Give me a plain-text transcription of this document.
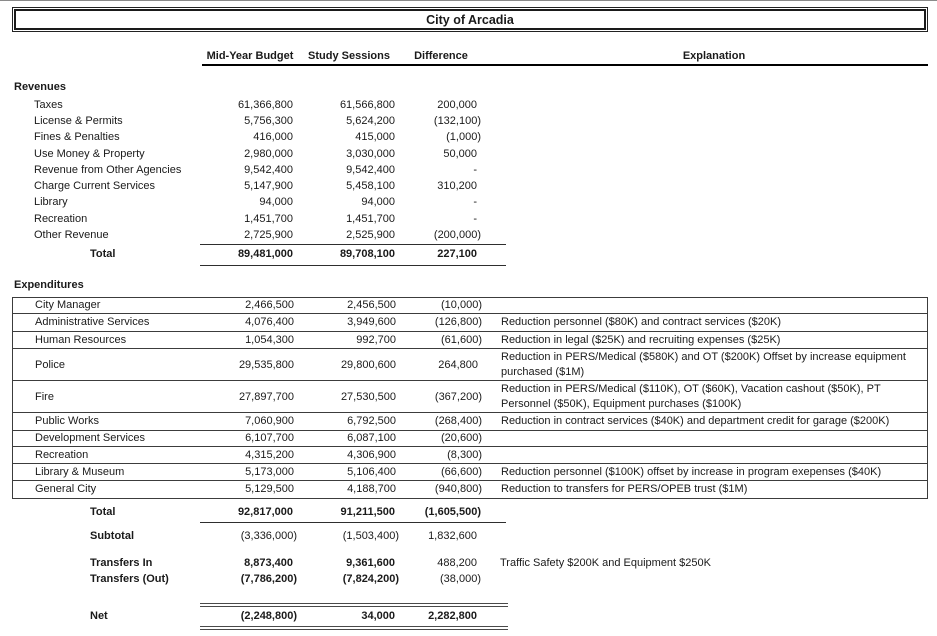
City of Arcadia
Mid-Year Budget	Study Sessions	Difference	Explanation
Revenues
Taxes	61,366,800	61,566,800	200,000
License & Permits	5,756,300	5,624,200	(132,100)
Fines & Penalties	416,000	415,000	(1,000)
Use Money & Property	2,980,000	3,030,000	50,000
Revenue from Other Agencies	9,542,400	9,542,400	-
Charge Current Services	5,147,900	5,458,100	310,200
Library	94,000	94,000	-
Recreation	1,451,700	1,451,700	-
Other Revenue	2,725,900	2,525,900	(200,000)
Total	89,481,000	89,708,100	227,100
Expenditures
City Manager	2,466,500	2,456,500	(10,000)
Administrative Services	4,076,400	3,949,600	(126,800) Reduction personnel ($80K) and contract services ($20K)
Human Resources	1,054,300	992,700	(61,600) Reduction in legal ($25K) and recruiting expenses ($25K)
Police	29,535,800	29,800,600	264,800
Reduction in PERS/Medical ($580K) and OT ($200K) Offset by increase equipment purchased ($1M)
Fire	27,897,700	27,530,500	(367,200)
Reduction in PERS/Medical ($110K), OT ($60K), Vacation cashout ($50K), PT Personnel ($50K), Equipment purchases ($100K)
Public Works	7,060,900	6,792,500	(268,400) Reduction in contract services ($40K) and department credit for garage ($200K)
Development Services	6,107,700	6,087,100	(20,600)
Recreation	4,315,200	4,306,900	(8,300)
Library & Museum	5,173,000	5,106,400	(66,600) Reduction personnel ($100K) offset by increase in program exepenses ($40K)
General City	5,129,500	4,188,700	(940,800) Reduction to transfers for PERS/OPEB trust ($1M)
Total	92,817,000	91,211,500	(1,605,500)
Subtotal	(3,336,000)	(1,503,400)	1,832,600
Transfers In	8,873,400	9,361,600	488,200	Traffic Safety $200K and Equipment $250K
Transfers (Out)	(7,786,200)	(7,824,200)	(38,000)
Net	(2,248,800)	34,000	2,282,800
